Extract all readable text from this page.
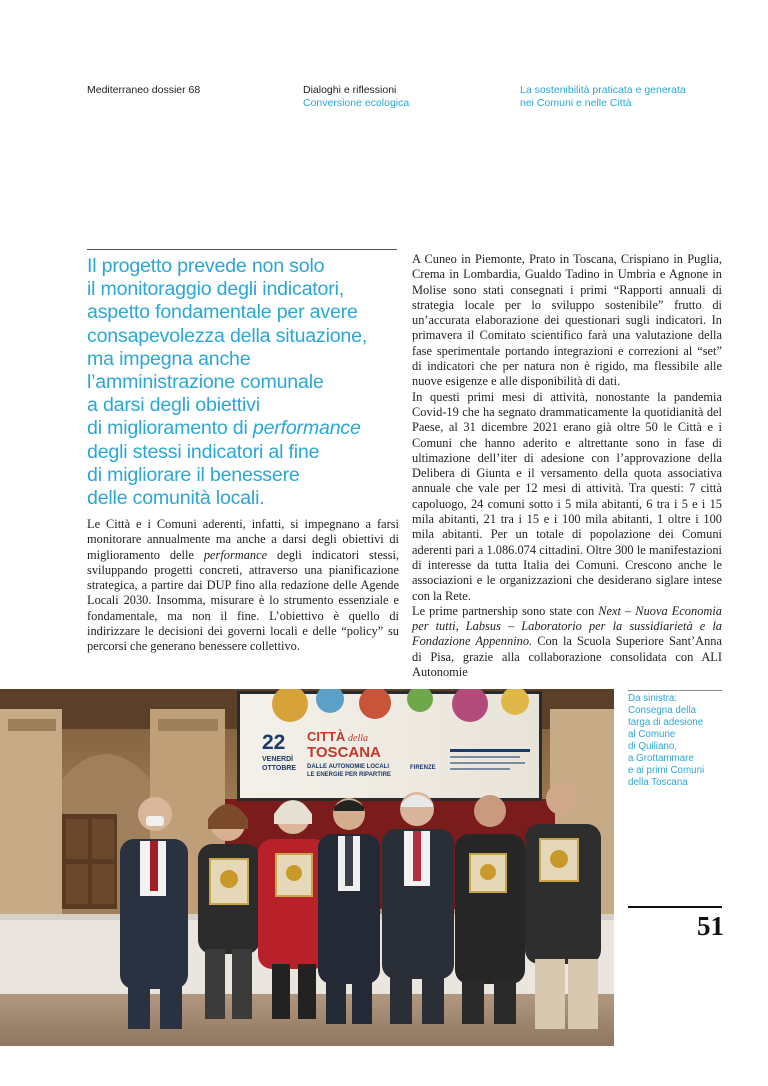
Mediterraneo dossier 68	Dialoghi e riflessioni
Conversione ecologica
La sostenibilità praticata e generata
nei Comuni e nelle Città
Il progetto prevede non solo
il monitoraggio degli indicatori,
aspetto fondamentale per avere
consapevolezza della situazione,
ma impegna anche
l’amministrazione comunale
a darsi degli obiettivi
di miglioramento di performance
degli stessi indicatori al fine
di migliorare il benessere
delle comunità locali.

Le Città e i Comuni aderenti, infatti, si impegnano a farsi monitorare annualmente ma anche a darsi degli obiettivi di miglioramento delle performance degli indicatori stessi, sviluppando progetti concreti, attraverso una pianificazione strategica, a partire dai DUP fino alla redazione delle Agende Locali 2030. Insomma, misurare è lo strumento essenziale e fondamentale, ma non il fine. L’obiettivo è quello di indirizzare le decisioni dei governi locali e delle “policy” su percorsi che generano benessere collettivo.

A Cuneo in Piemonte, Prato in Toscana, Crispiano in Puglia, Crema in Lombardia, Gualdo Tadino in Umbria e Agnone in Molise sono stati consegnati i primi “Rapporti annuali di strategia locale per lo sviluppo sostenibile” frutto di un’accurata elaborazione dei questionari sugli indicatori. In primavera il Comitato scientifico farà una valutazione della fase sperimentale portando integrazioni e correzioni al “set” di indicatori che per natura non è rigido, ma flessibile alle nuove esigenze e alle disponibilità di dati.

In questi primi mesi di attività, nonostante la pandemia Covid-19 che ha segnato drammaticamente la quotidianità del Paese, al 31 dicembre 2021 erano già oltre 50 le Città e i Comuni che hanno aderito e altrettante sono in fase di ultimazione dell’iter di adesione con l’approvazione della Delibera di Giunta e il versamento della quota associativa annuale che vale per 12 mesi di attività. Tra questi: 7 città capoluogo, 24 comuni sotto i 5 mila abitanti, 6 tra i 5 e i 15 mila abitanti, 21 tra i 15 e i 100 mila abitanti, 1 oltre i 100 mila abitanti. Per un totale di popolazione dei Comuni aderenti pari a 1.086.074 cittadini. Oltre 300 le manifestazioni di interesse da tutta Italia dei Comuni. Crescono anche le associazioni e le organizzazioni che desiderano siglare intese con la Rete.

Le prime partnership sono state con Next – Nuova Economia per tutti, Labsus – Laboratorio per la sussidiarietà e la Fondazione Appennino. Con la Scuola Superiore Sant’Anna di Pisa, grazie alla collaborazione consolidata con ALI Autonomie

22
VENERDÌ
OTTOBRE
CITTÀ della
TOSCANA
DALLE AUTONOMIE LOCALI
LE ENERGIE PER RIPARTIRE
FIRENZE
Da sinistra:
Consegna della
targa di adesione
al Comune
di Quiliano,
a Grottammare
e ai primi Comuni
della Toscana
51
